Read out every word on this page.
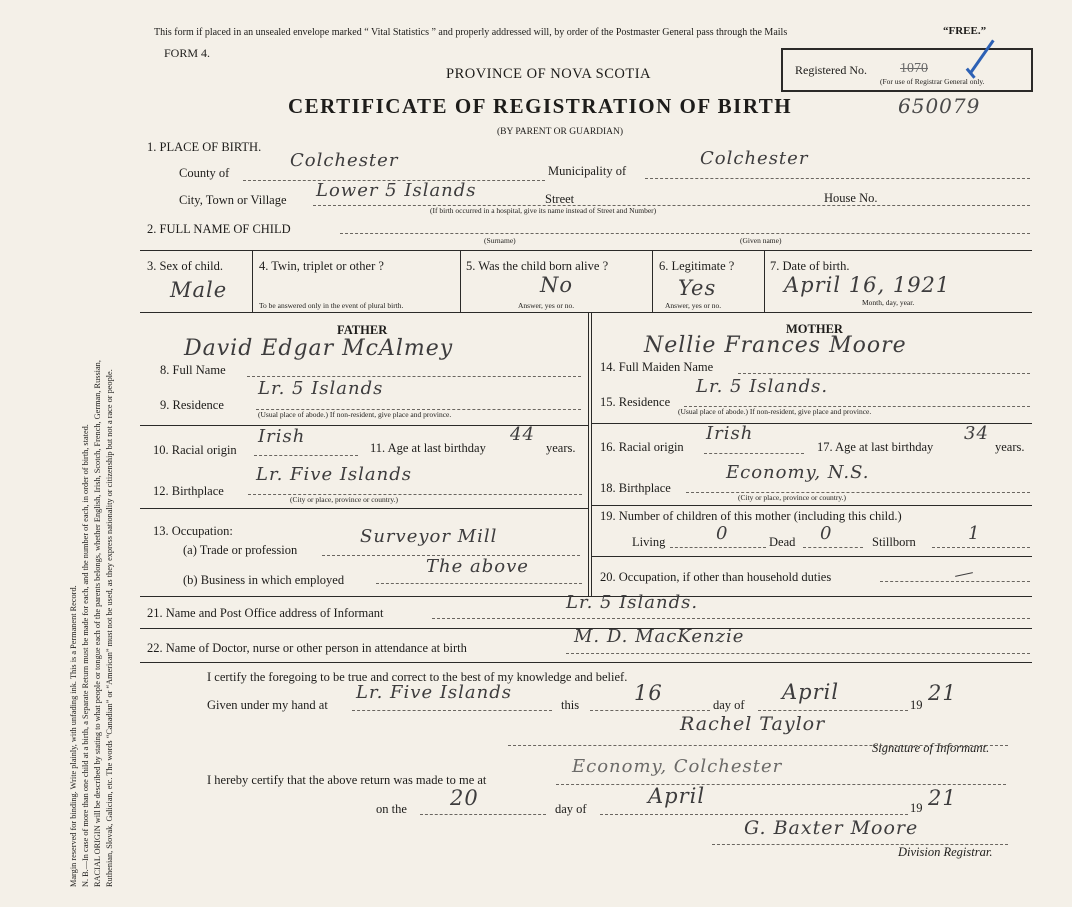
Margin reserved for binding. Write plainly, with unfading ink. This is a Permanent Record. N. B.—In case of more than one child at a birth, a Separate Return must be made for each, and the number of each, in order of birth, stated. RACIAL ORIGIN will be described by stating to what people or tongue each of the parents belongs, whether English, Irish, Scotch, French, German, Russian, Ruthenian, Slovak, Galician, etc. The words “Canadian” or “American” must not be used, as they express nationality or citizenship but not a race or people.
This form if placed in an unsealed envelope marked “ Vital Statistics ” and properly addressed will, by order of the Postmaster General pass through the Mails	“FREE.”
FORM 4.
PROVINCE OF NOVA SCOTIA
CERTIFICATE OF REGISTRATION OF BIRTH
(BY PARENT OR GUARDIAN)
650079
Registered No. 1070
(For use of Registrar General only.
1. PLACE OF BIRTH.
County of
Colchester	Municipality of
Colchester
City, Town or Village Lower 5 Islands	Street	House No.
(If birth occurred in a hospital, give its name instead of Street and Number)
2. FULL NAME OF CHILD
(Surname)	(Given name)
3. Sex of child.
Male
4. Twin, triplet or other ?
To be answered only in the event of plural birth.
5. Was the child born alive ?
No
Answer, yes or no.
6. Legitimate ?
Yes
Answer, yes or no.
7. Date of birth.
April 16, 1921
Month, day, year.
FATHER
8. Full Name
David Edgar McAlmey
9. Residence
Lr. 5 Islands
(Usual place of abode.) If non-resident, give place and province.
10. Racial origin
Irish
11. Age at last birthday
44
years.
12. Birthplace
Lr. Five Islands
(City or place, province or country.)
13. Occupation:
(a) Trade or profession
Surveyor Mill
(b) Business in which employed
The above
MOTHER
14. Full Maiden Name
Nellie Frances Moore
15. Residence
Lr. 5 Islands.
(Usual place of abode.) If non-resident, give place and province.
16. Racial origin
Irish
17. Age at last birthday
34
years.
18. Birthplace
Economy, N.S.
(City or place, province or country.)
19. Number of children of this mother (including this child.)
Living	0	Dead 0	Stillborn	1
20. Occupation, if other than household duties
21. Name and Post Office address of Informant	Lr. 5 Islands.
22. Name of Doctor, nurse or other person in attendance at birth
M. D. MacKenzie
I certify the foregoing to be true and correct to the best of my knowledge and belief.
Given under my hand at
Lr. Five Islands
this	16	day of
April
19 21
Rachel Taylor
Signature of Informant.
I hereby certify that the above return was made to me at
Economy, Colchester
on the 20	day of
April	19 21
G. Baxter Moore
Division Registrar.
